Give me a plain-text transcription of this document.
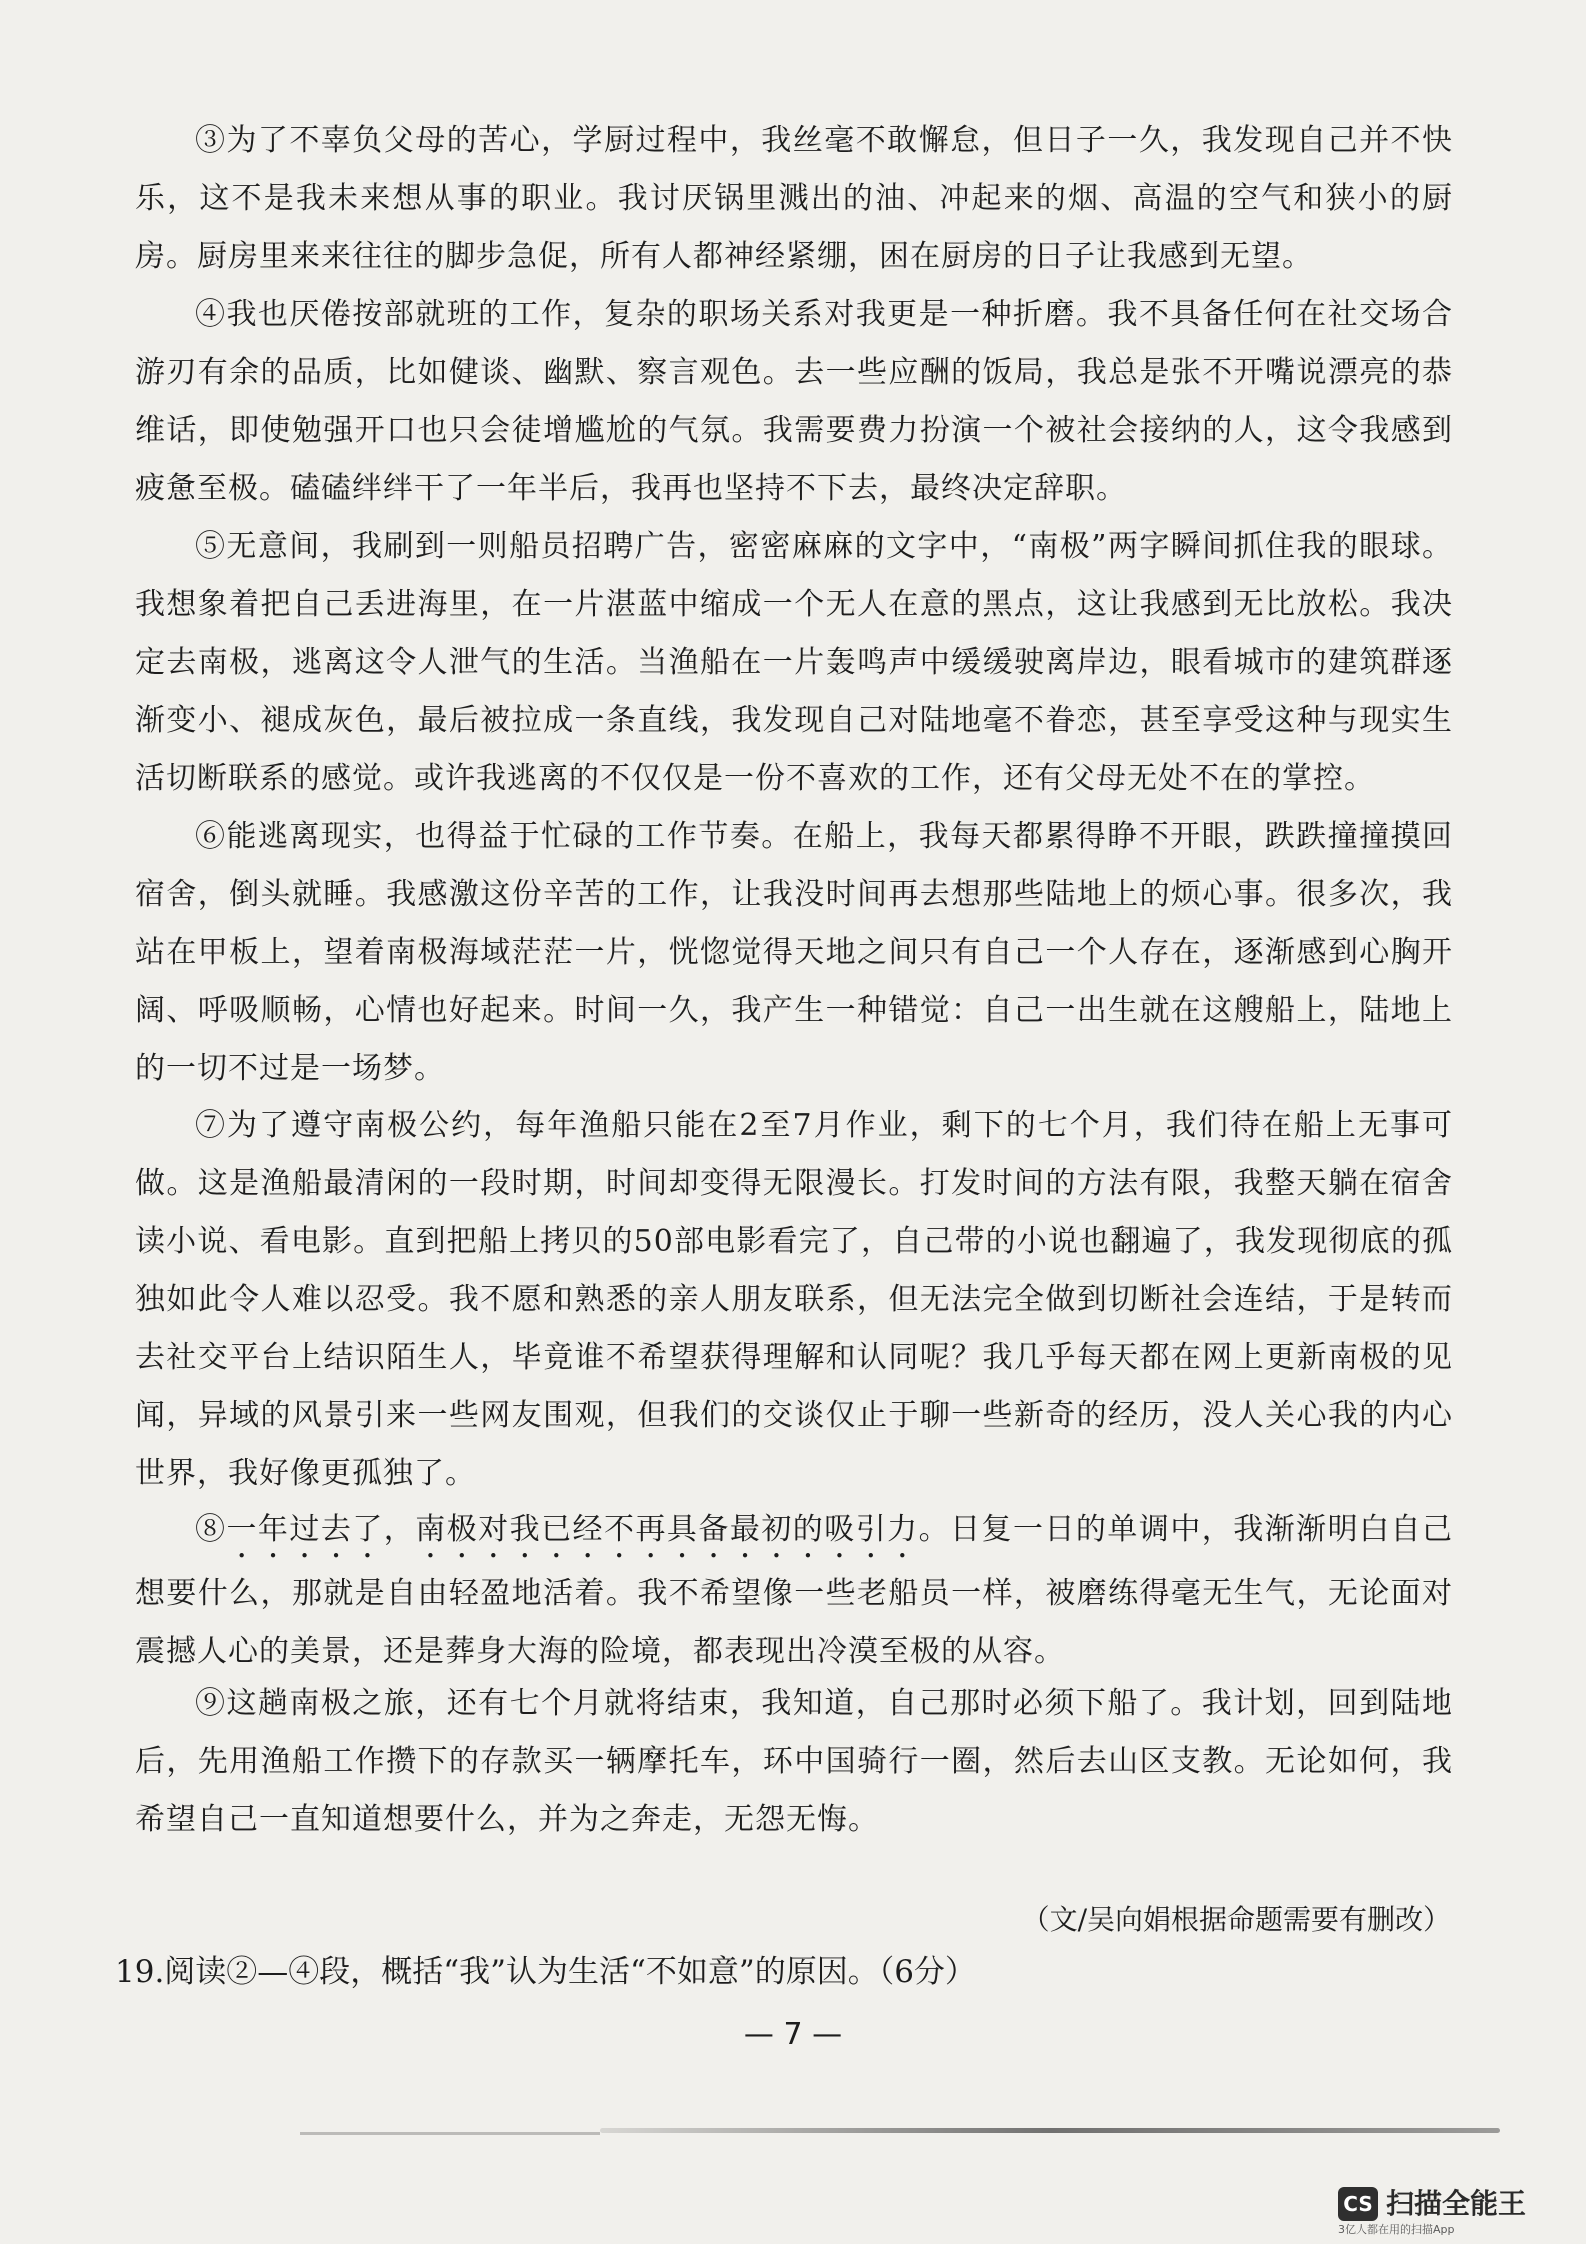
③为了不辜负父母的苦心，学厨过程中，我丝毫不敢懈怠，但日子一久，我发现自己并不快乐，这不是我未来想从事的职业。我讨厌锅里溅出的油、冲起来的烟、高温的空气和狭小的厨房。厨房里来来往往的脚步急促，所有人都神经紧绷，困在厨房的日子让我感到无望。

④我也厌倦按部就班的工作，复杂的职场关系对我更是一种折磨。我不具备任何在社交场合游刃有余的品质，比如健谈、幽默、察言观色。去一些应酬的饭局，我总是张不开嘴说漂亮的恭维话，即使勉强开口也只会徒增尴尬的气氛。我需要费力扮演一个被社会接纳的人，这令我感到疲惫至极。磕磕绊绊干了一年半后，我再也坚持不下去，最终决定辞职。

⑤无意间，我刷到一则船员招聘广告，密密麻麻的文字中，“南极”两字瞬间抓住我的眼球。我想象着把自己丢进海里，在一片湛蓝中缩成一个无人在意的黑点，这让我感到无比放松。我决定去南极，逃离这令人泄气的生活。当渔船在一片轰鸣声中缓缓驶离岸边，眼看城市的建筑群逐渐变小、褪成灰色，最后被拉成一条直线，我发现自己对陆地毫不眷恋，甚至享受这种与现实生活切断联系的感觉。或许我逃离的不仅仅是一份不喜欢的工作，还有父母无处不在的掌控。

⑥能逃离现实，也得益于忙碌的工作节奏。在船上，我每天都累得睁不开眼，跌跌撞撞摸回宿舍，倒头就睡。我感激这份辛苦的工作，让我没时间再去想那些陆地上的烦心事。很多次，我站在甲板上，望着南极海域茫茫一片，恍惚觉得天地之间只有自己一个人存在，逐渐感到心胸开阔、呼吸顺畅，心情也好起来。时间一久，我产生一种错觉：自己一出生就在这艘船上，陆地上的一切不过是一场梦。

⑦为了遵守南极公约，每年渔船只能在2至7月作业，剩下的七个月，我们待在船上无事可做。这是渔船最清闲的一段时期，时间却变得无限漫长。打发时间的方法有限，我整天躺在宿舍读小说、看电影。直到把船上拷贝的50部电影看完了，自己带的小说也翻遍了，我发现彻底的孤独如此令人难以忍受。我不愿和熟悉的亲人朋友联系，但无法完全做到切断社会连结，于是转而去社交平台上结识陌生人，毕竟谁不希望获得理解和认同呢？我几乎每天都在网上更新南极的见闻，异域的风景引来一些网友围观，但我们的交谈仅止于聊一些新奇的经历，没人关心我的内心世界，我好像更孤独了。

⑧一年过去了，南极对我已经不再具备最初的吸引力。日复一日的单调中，我渐渐明白自己想要什么，那就是自由轻盈地活着。我不希望像一些老船员一样，被磨练得毫无生气，无论面对震撼人心的美景，还是葬身大海的险境，都表现出冷漠至极的从容。

⑨这趟南极之旅，还有七个月就将结束，我知道，自己那时必须下船了。我计划，回到陆地后，先用渔船工作攒下的存款买一辆摩托车，环中国骑行一圈，然后去山区支教。无论如何，我希望自己一直知道想要什么，并为之奔走，无怨无悔。

（文/吴向娟根据命题需要有删改）

19.阅读②—④段，概括“我”认为生活“不如意”的原因。（6分）

— 7 —

CS 扫描全能王
3亿人都在用的扫描App
